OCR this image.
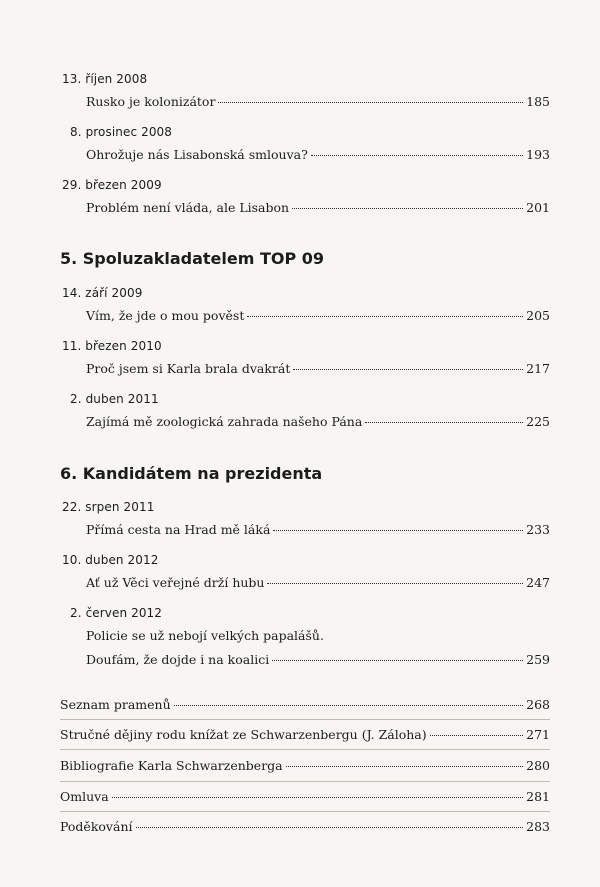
13. říjen 2008
Rusko je kolonizátor	185
8. prosinec 2008
Ohrožuje nás Lisabonská smlouva?	193
29. březen 2009
Problém není vláda, ale Lisabon	201
5. Spoluzakladatelem TOP 09
14. září 2009
Vím, že jde o mou pověst	205
11. březen 2010
Proč jsem si Karla brala dvakrát	217
2. duben 2011
Zajímá mě zoologická zahrada našeho Pána	225
6. Kandidátem na prezidenta
22. srpen 2011
Přímá cesta na Hrad mě láká	233
10. duben 2012
Ať už Věci veřejné drží hubu	247
2. červen 2012
Policie se už nebojí velkých papalášů.
Doufám, že dojde i na koalici	259
Seznam pramenů	268
Stručné dějiny rodu knížat ze Schwarzenbergu (J. Záloha)	271
Bibliografie Karla Schwarzenberga	280
Omluva	281
Poděkování	283
